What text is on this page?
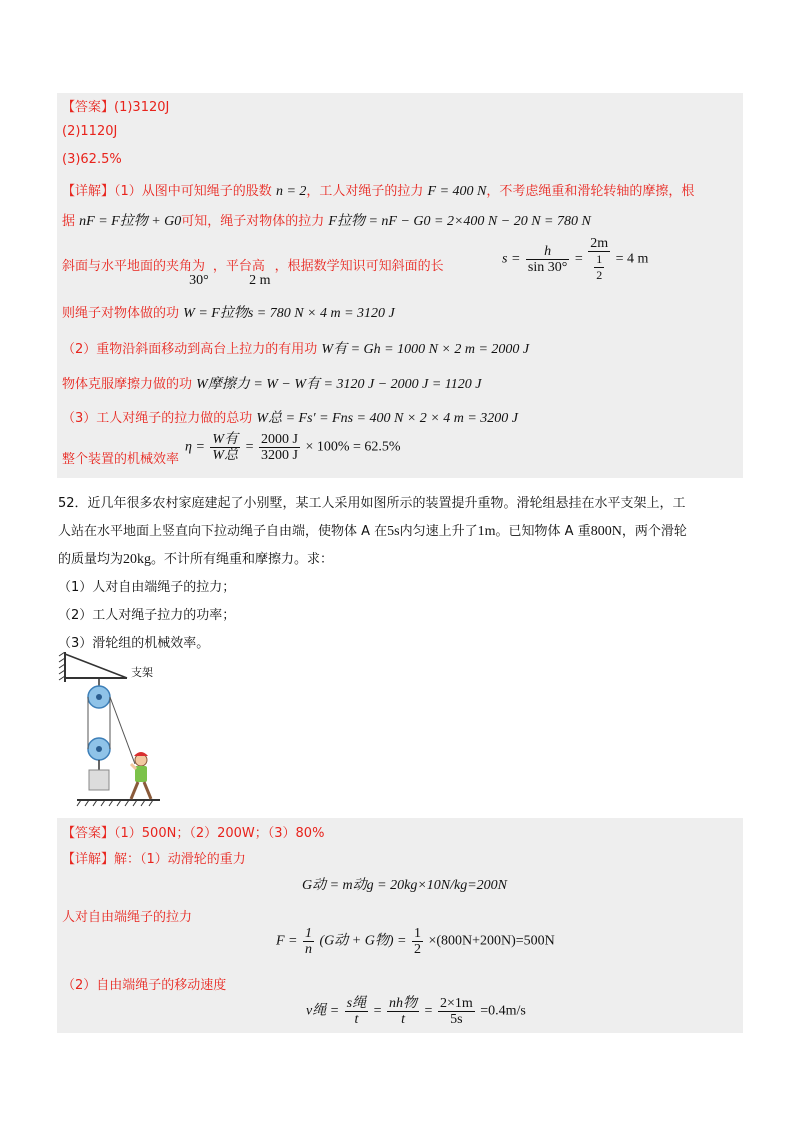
【答案】(1)3120J
(2)1120J
(3)62.5%
【详解】（1）从图中可知绳子的股数 n = 2，工人对绳子的拉力 F = 400 N，不考虑绳重和滑轮转轴的摩擦，根
据 nF = F拉物 + G0可知，绳子对物体的拉力 F拉物 = nF − G0 = 2×400 N − 20 N = 780 N
斜面与水平地面的夹角为 30° ，平台高 2 m ，根据数学知识可知斜面的长	$s = \frac{h}{\sin 30^\circ} = \frac{2m}{\frac{1}{2}} = 4$ m
则绳子对物体做的功 W = F拉物s = 780 N × 4 m = 3120 J
（2）重物沿斜面移动到高台上拉力的有用功 W有 = Gh = 1000 N × 2 m = 2000 J
物体克服摩擦力做的功 W摩擦力 = W − W有 = 3120 J − 2000 J = 1120 J
（3）工人对绳子的拉力做的总功 W总 = Fs′ = Fns = 400 N × 2 × 4 m = 3200 J
整个装置的机械效率
$\eta = \frac{\text{W有}}{\text{W总}} = \frac{2000 J}{3200 J} \times 100\% = 62.5\%$
52．近几年很多农村家庭建起了小别墅，某工人采用如图所示的装置提升重物。滑轮组悬挂在水平支架上，工
人站在水平地面上竖直向下拉动绳子自由端，使物体 A 在5s内匀速上升了1m。已知物体 A 重800N，两个滑轮
的质量均为20kg。不计所有绳重和摩擦力。求：
（1）人对自由端绳子的拉力；
（2）工人对绳子拉力的功率；
（3）滑轮组的机械效率。
支架
【答案】（1）500N；（2）200W；（3）80%
【详解】解：（1）动滑轮的重力
G动 = m动g = 20kg×10N/kg=200N
人对自由端绳子的拉力
$F = \frac{1}{n} (G$动 + G物) = $\frac{1}{2} \times(800N+200N)=500N$
（2）自由端绳子的移动速度
v绳 = $\frac{\text{s绳}}{t} = \frac{\text{nh物}}{t} = \frac{2\times 1m}{5s} =0.4m/s$
